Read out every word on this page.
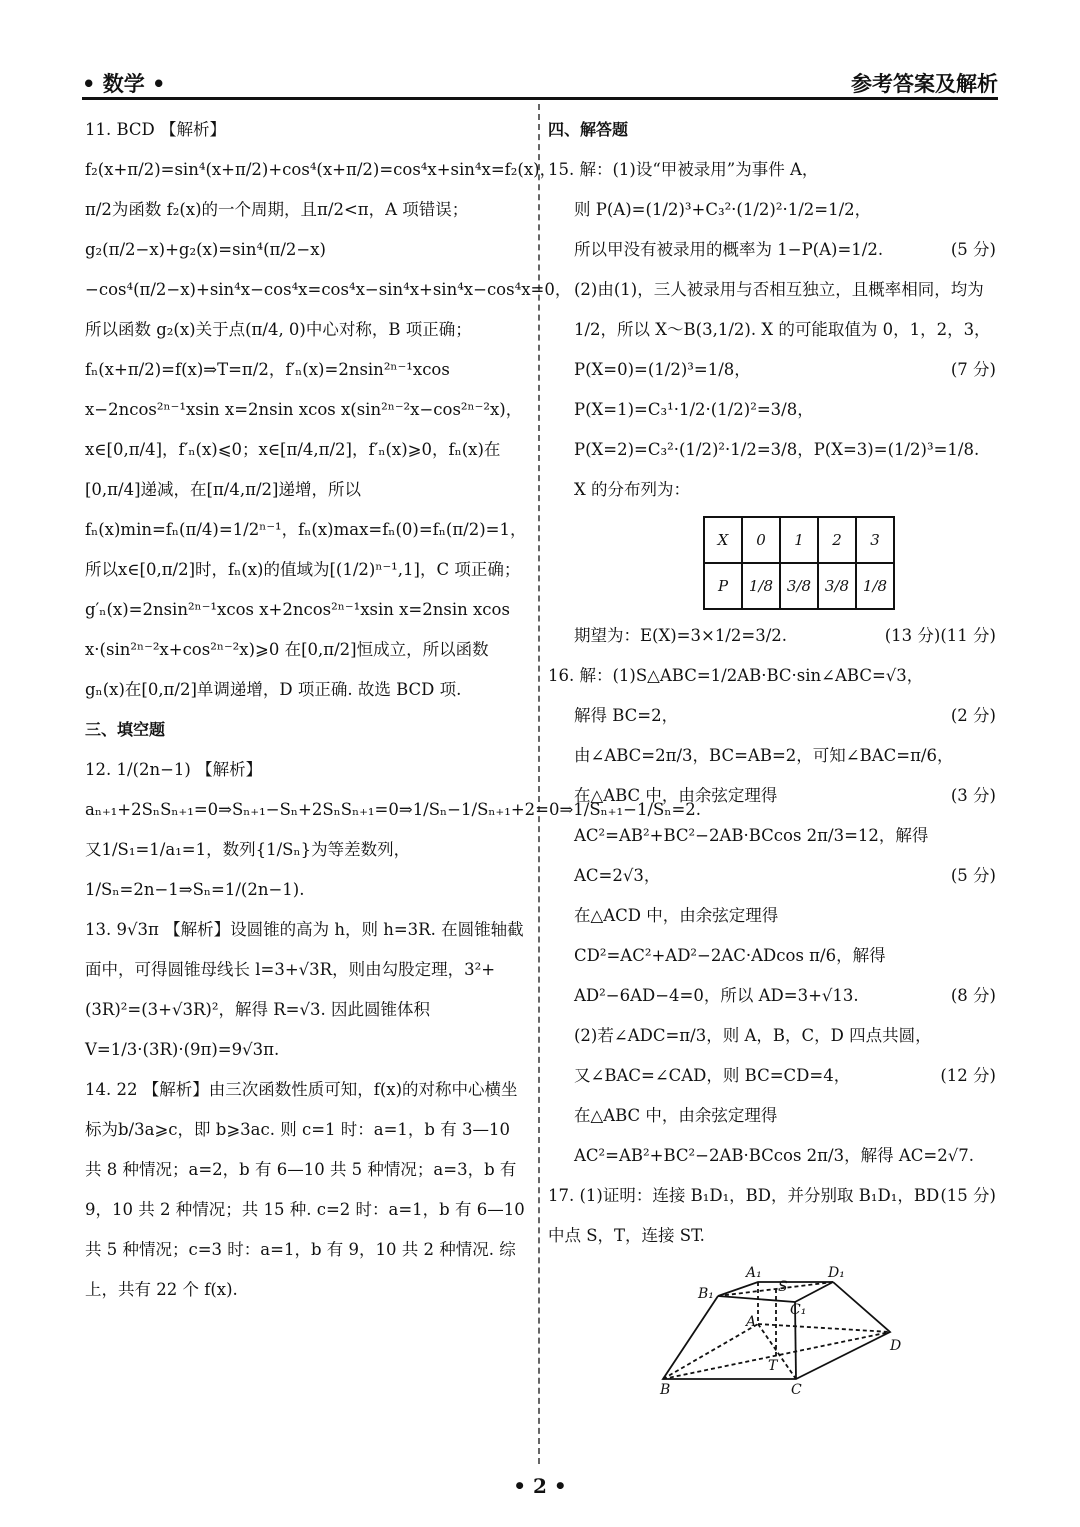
• 数学 •	参考答案及解析

11. BCD 【解析】f₂(x+π/2)=sin⁴(x+π/2)+cos⁴(x+π/2)=cos⁴x+sin⁴x=f₂(x)，π/2为函数 f₂(x)的一个周期，且π/2<π，A 项错误；g₂(π/2−x)+g₂(x)=sin⁴(π/2−x)−cos⁴(π/2−x)+sin⁴x−cos⁴x=cos⁴x−sin⁴x+sin⁴x−cos⁴x=0，所以函数 g₂(x)关于点(π/4, 0)中心对称，B 项正确；fₙ(x+π/2)=f(x)⇒T=π/2，f′ₙ(x)=2nsin²ⁿ⁻¹xcos x−2ncos²ⁿ⁻¹xsin x=2nsin xcos x(sin²ⁿ⁻²x−cos²ⁿ⁻²x)，x∈[0,π/4]，f′ₙ(x)⩽0；x∈[π/4,π/2]，f′ₙ(x)⩾0，fₙ(x)在[0,π/4]递减，在[π/4,π/2]递增，所以 fₙ(x)min=fₙ(π/4)=1/2ⁿ⁻¹，fₙ(x)max=fₙ(0)=fₙ(π/2)=1，所以x∈[0,π/2]时，fₙ(x)的值域为[(1/2)ⁿ⁻¹,1]，C 项正确；g′ₙ(x)=2nsin²ⁿ⁻¹xcos x+2ncos²ⁿ⁻¹xsin x=2nsin xcos x·(sin²ⁿ⁻²x+cos²ⁿ⁻²x)⩾0 在[0,π/2]恒成立，所以函数 gₙ(x)在[0,π/2]单调递增，D 项正确. 故选 BCD 项.

三、填空题

12. 1/(2n−1) 【解析】aₙ₊₁+2SₙSₙ₊₁=0⇒Sₙ₊₁−Sₙ+2SₙSₙ₊₁=0⇒1/Sₙ−1/Sₙ₊₁+2=0⇒1/Sₙ₊₁−1/Sₙ=2. 又1/S₁=1/a₁=1，数列{1/Sₙ}为等差数列，1/Sₙ=2n−1⇒Sₙ=1/(2n−1).

13. 9√3π 【解析】设圆锥的高为 h，则 h=3R. 在圆锥轴截面中，可得圆锥母线长 l=3+√3R，则由勾股定理，3²+(3R)²=(3+√3R)²，解得 R=√3. 因此圆锥体积 V=1/3·(3R)·(9π)=9√3π.

14. 22 【解析】由三次函数性质可知，f(x)的对称中心横坐标为b/3a⩾c，即 b⩾3ac. 则 c=1 时：a=1，b 有 3—10 共 8 种情况；a=2，b 有 6—10 共 5 种情况；a=3，b 有 9，10 共 2 种情况；共 15 种. c=2 时：a=1，b 有 6—10 共 5 种情况；c=3 时：a=1，b 有 9，10 共 2 种情况. 综上，共有 22 个 f(x).

四、解答题

15. 解：(1)设“甲被录用”为事件 A，

则 P(A)=(1/2)³+C₃²·(1/2)²·1/2=1/2，

所以甲没有被录用的概率为 1−P(A)=1/2.	(5 分)

(2)由(1)，三人被录用与否相互独立，且概率相同，均为1/2，所以 X～B(3,1/2). X 的可能取值为 0，1，2，3，
(7 分)

P(X=0)=(1/2)³=1/8，P(X=1)=C₃¹·1/2·(1/2)²=3/8，P(X=2)=C₃²·(1/2)²·1/2=3/8，P(X=3)=(1/2)³=1/8.

X 的分布列为：

X	0	1	2	3
P	1/8	3/8	3/8	1/8

(11 分)

期望为：E(X)=3×1/2=3/2.	(13 分)

16. 解：(1)S△ABC=1/2AB·BC·sin∠ABC=√3，

解得 BC=2，	(2 分)

由∠ABC=2π/3，BC=AB=2，可知∠BAC=π/6，
(3 分)

在△ABC 中，由余弦定理得 AC²=AB²+BC²−2AB·BCcos 2π/3=12，解得 AC=2√3，	(5 分)

在△ACD 中，由余弦定理得 CD²=AC²+AD²−2AC·ADcos π/6，解得 AD²−6AD−4=0，所以 AD=3+√13.	(8 分)

(2)若∠ADC=π/3，则 A，B，C，D 四点共圆，

又∠BAC=∠CAD，则 BC=CD=4，	(12 分)

在△ABC 中，由余弦定理得 AC²=AB²+BC²−2AB·BCcos 2π/3，解得 AC=2√7.
(15 分)

17. (1)证明：连接 B₁D₁，BD，并分别取 B₁D₁，BD 中点 S，T，连接 ST.

A₁	D₁
B₁	S
C₁
A
D
T
B	C
• 2 •
